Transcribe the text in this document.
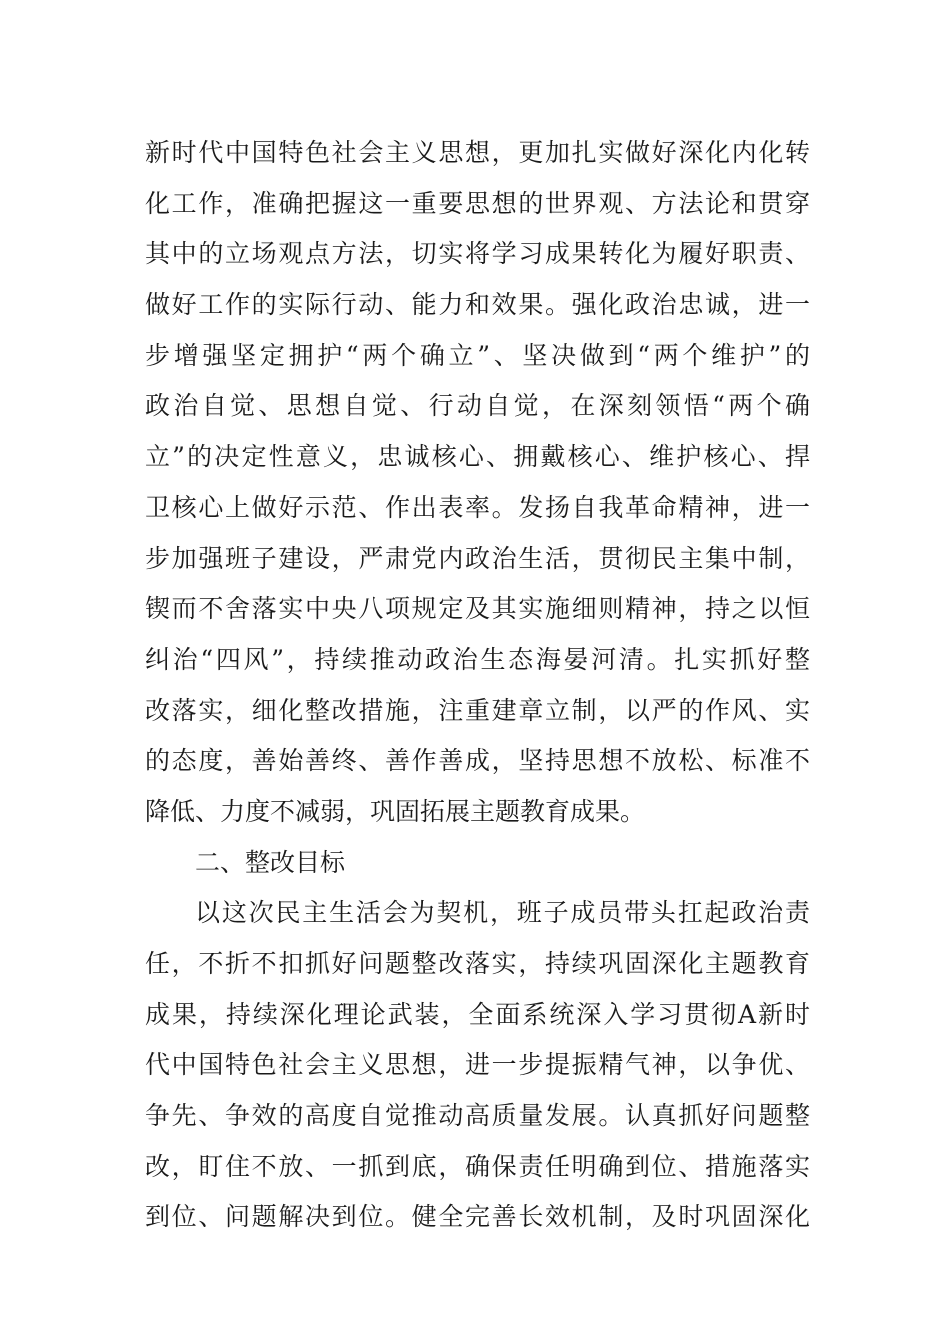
新时代中国特色社会主义思想，更加扎实做好深化内化转
化工作，准确把握这一重要思想的世界观、方法论和贯穿
其中的立场观点方法，切实将学习成果转化为履好职责、
做好工作的实际行动、能力和效果。强化政治忠诚，进一
步增强坚定拥护“两个确立”、坚决做到“两个维护”的
政治自觉、思想自觉、行动自觉，在深刻领悟“两个确
立”的决定性意义，忠诚核心、拥戴核心、维护核心、捍
卫核心上做好示范、作出表率。发扬自我革命精神，进一
步加强班子建设，严肃党内政治生活，贯彻民主集中制，
锲而不舍落实中央八项规定及其实施细则精神，持之以恒
纠治“四风”，持续推动政治生态海晏河清。扎实抓好整
改落实，细化整改措施，注重建章立制，以严的作风、实
的态度，善始善终、善作善成，坚持思想不放松、标准不
降低、力度不减弱，巩固拓展主题教育成果。
二、整改目标
以这次民主生活会为契机，班子成员带头扛起政治责
任，不折不扣抓好问题整改落实，持续巩固深化主题教育
成果，持续深化理论武装，全面系统深入学习贯彻A新时
代中国特色社会主义思想，进一步提振精气神，以争优、
争先、争效的高度自觉推动高质量发展。认真抓好问题整
改，盯住不放、一抓到底，确保责任明确到位、措施落实
到位、问题解决到位。健全完善长效机制，及时巩固深化
